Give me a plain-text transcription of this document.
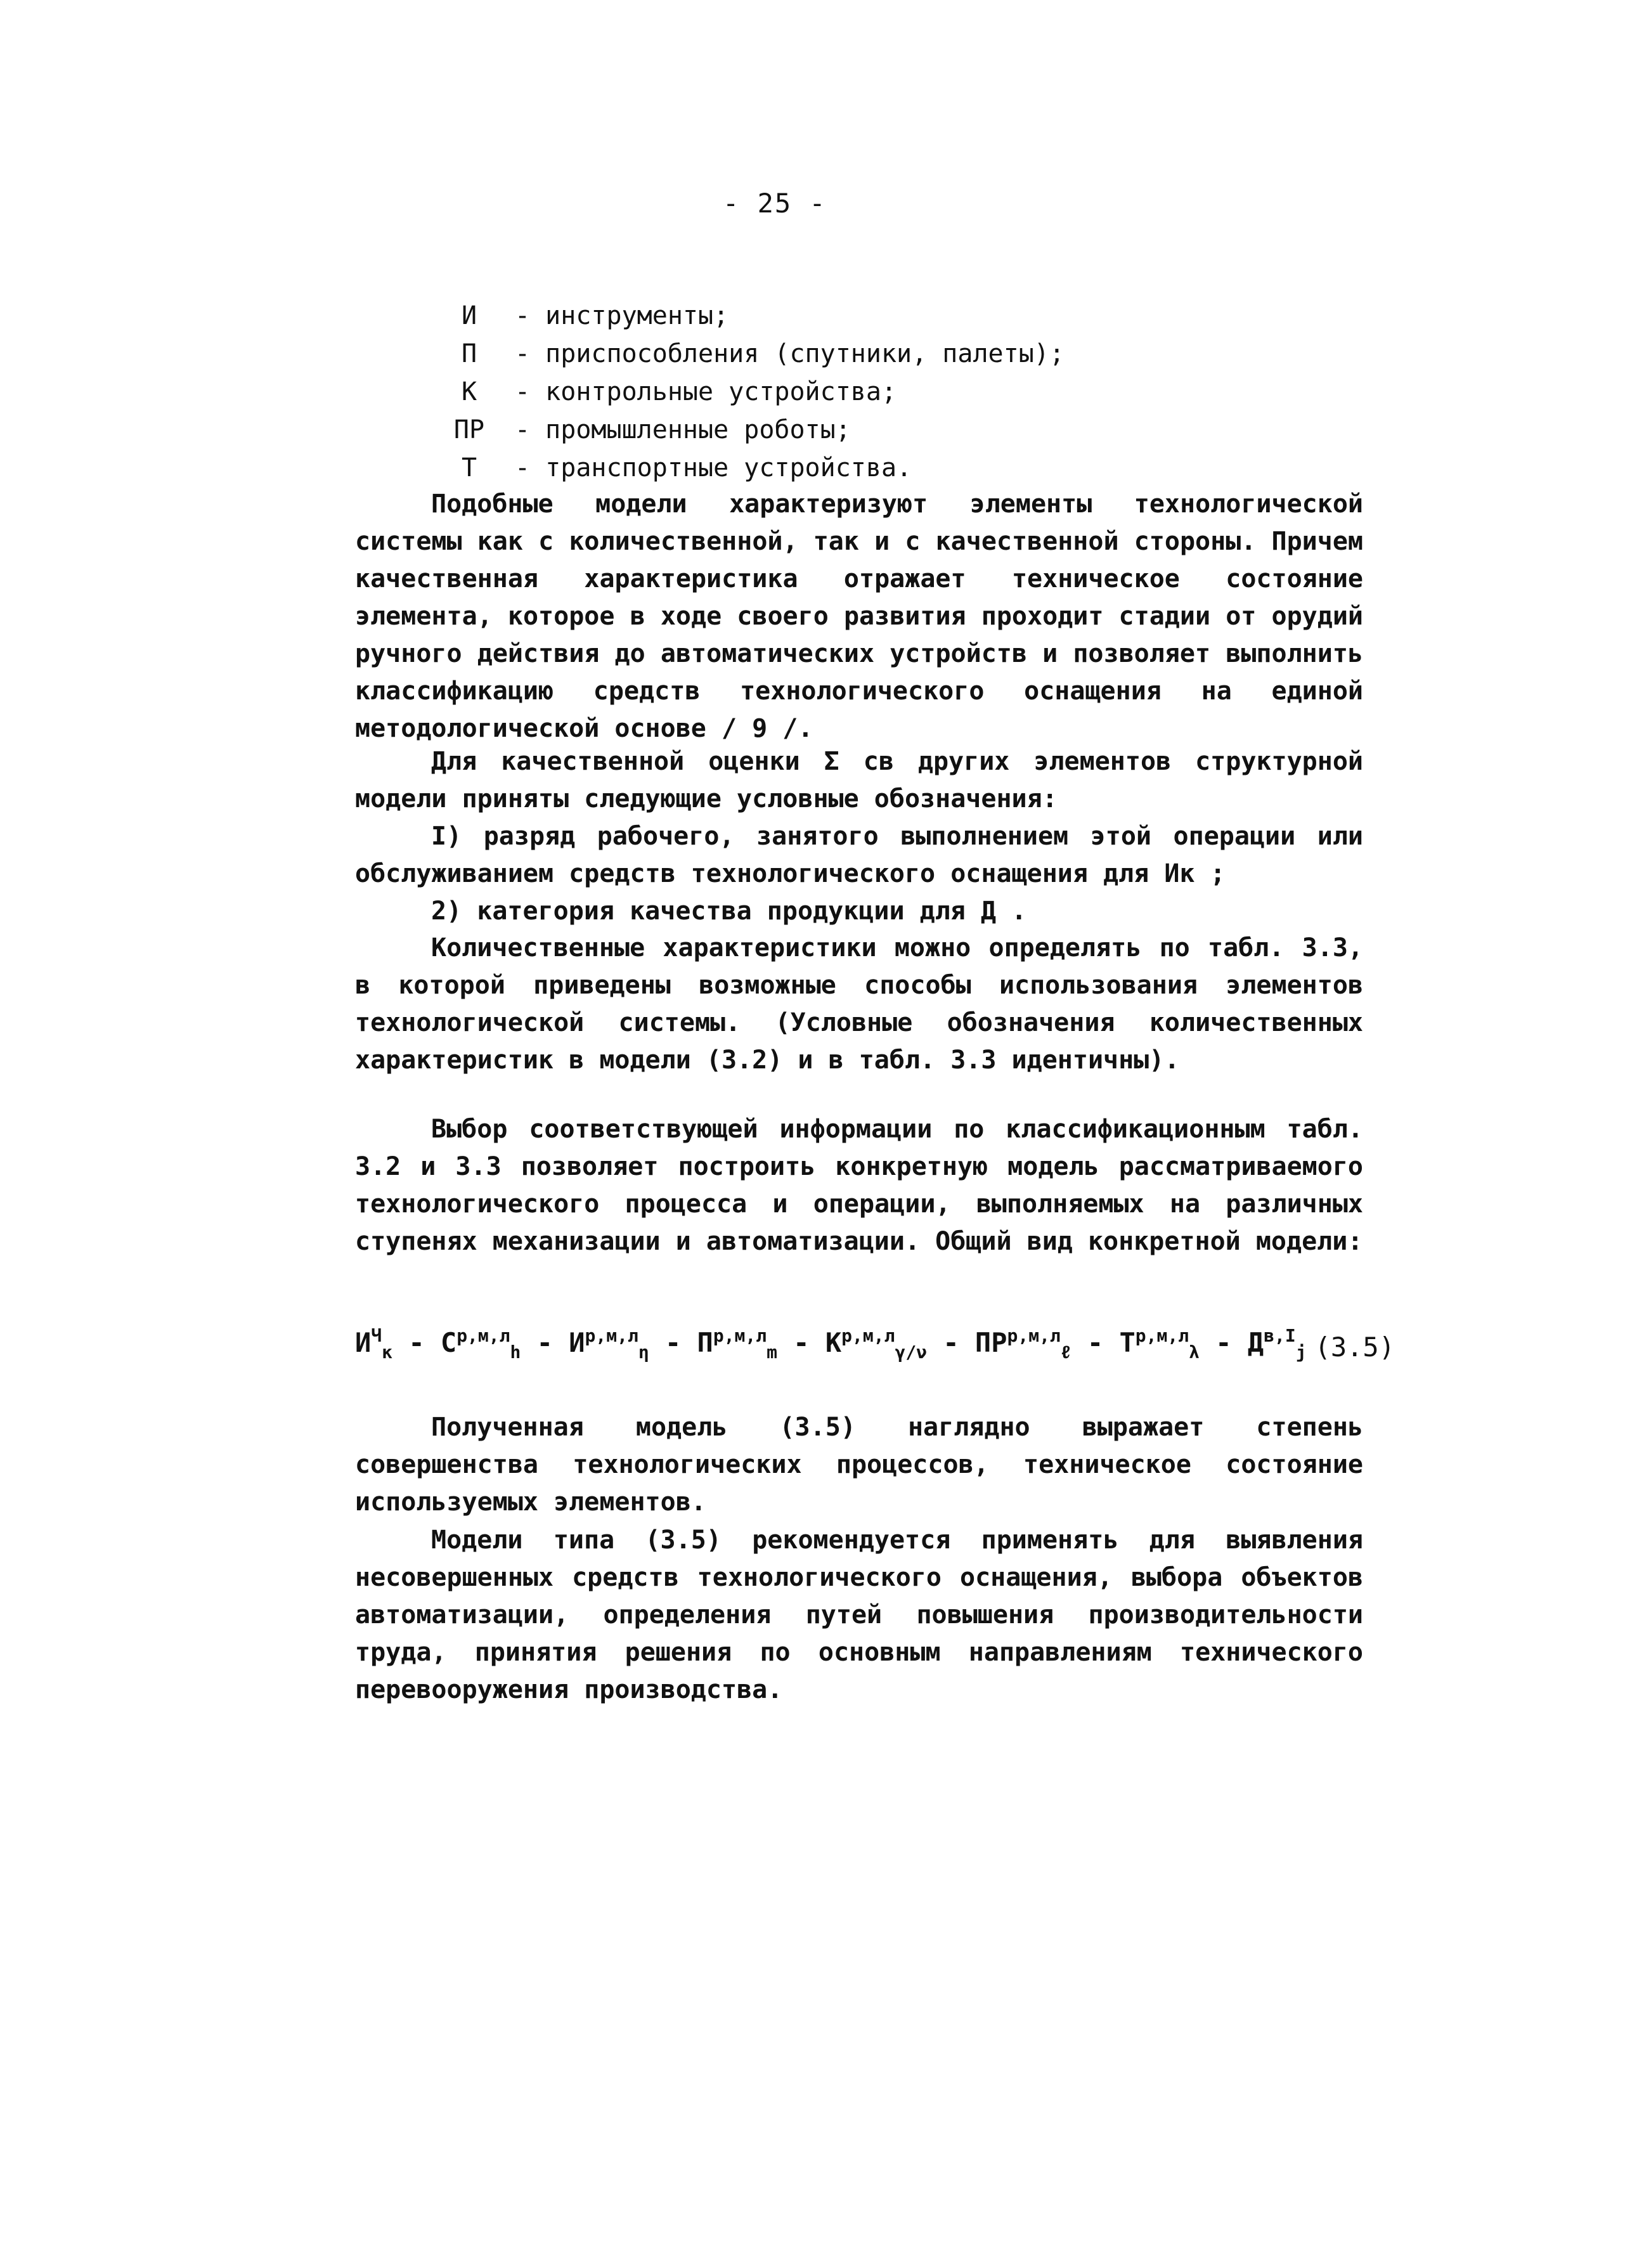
- 25 -
И	- инструменты;
П	- приспособления (спутники, палеты);
К	- контрольные устройства;
ПР	- промышленные роботы;
Т	- транспортные устройства.

Подобные модели характеризуют элементы технологической системы как с количественной, так и с качественной стороны. Причем качественная характеристика отражает техническое состояние элемента, которое в ходе своего развития проходит стадии от орудий ручного действия до автоматических устройств и позволяет выполнить классификацию средств технологического оснащения на единой методологической основе / 9 /.

Для качественной оценки Σ св других элементов структурной модели приняты следующие условные обозначения:

I) разряд рабочего, занятого выполнением этой операции или обслуживанием средств технологического оснащения для Ик ;

2) категория качества продукции для Д .

Количественные характеристики можно определять по табл. 3.3, в которой приведены возможные способы использования элементов технологической системы. (Условные обозначения количественных характеристик в модели (3.2) и в табл. 3.3 идентичны).

Выбор соответствующей информации по классификационным табл. 3.2 и 3.3 позволяет построить конкретную модель рассматриваемого технологического процесса и операции, выполняемых на различных ступенях механизации и автоматизации. Общий вид конкретной модели:

$И^Ч_к - С^{р,м,л}_h - И^{р,м,л}_\eta - П^{р,м,л}_m - К^{р,м,л}_{\gamma/\nu} - ПР^{р,м,л}_\ell - Т^{р,м,л}_\lambda - Д^{в,I}_j$ (3.5)

Полученная модель (3.5) наглядно выражает степень совершенства технологических процессов, техническое состояние используемых элементов.

Модели типа (3.5) рекомендуется применять для выявления несовершенных средств технологического оснащения, выбора объектов автоматизации, определения путей повышения производительности труда, принятия решения по основным направлениям технического перевооружения производства.
